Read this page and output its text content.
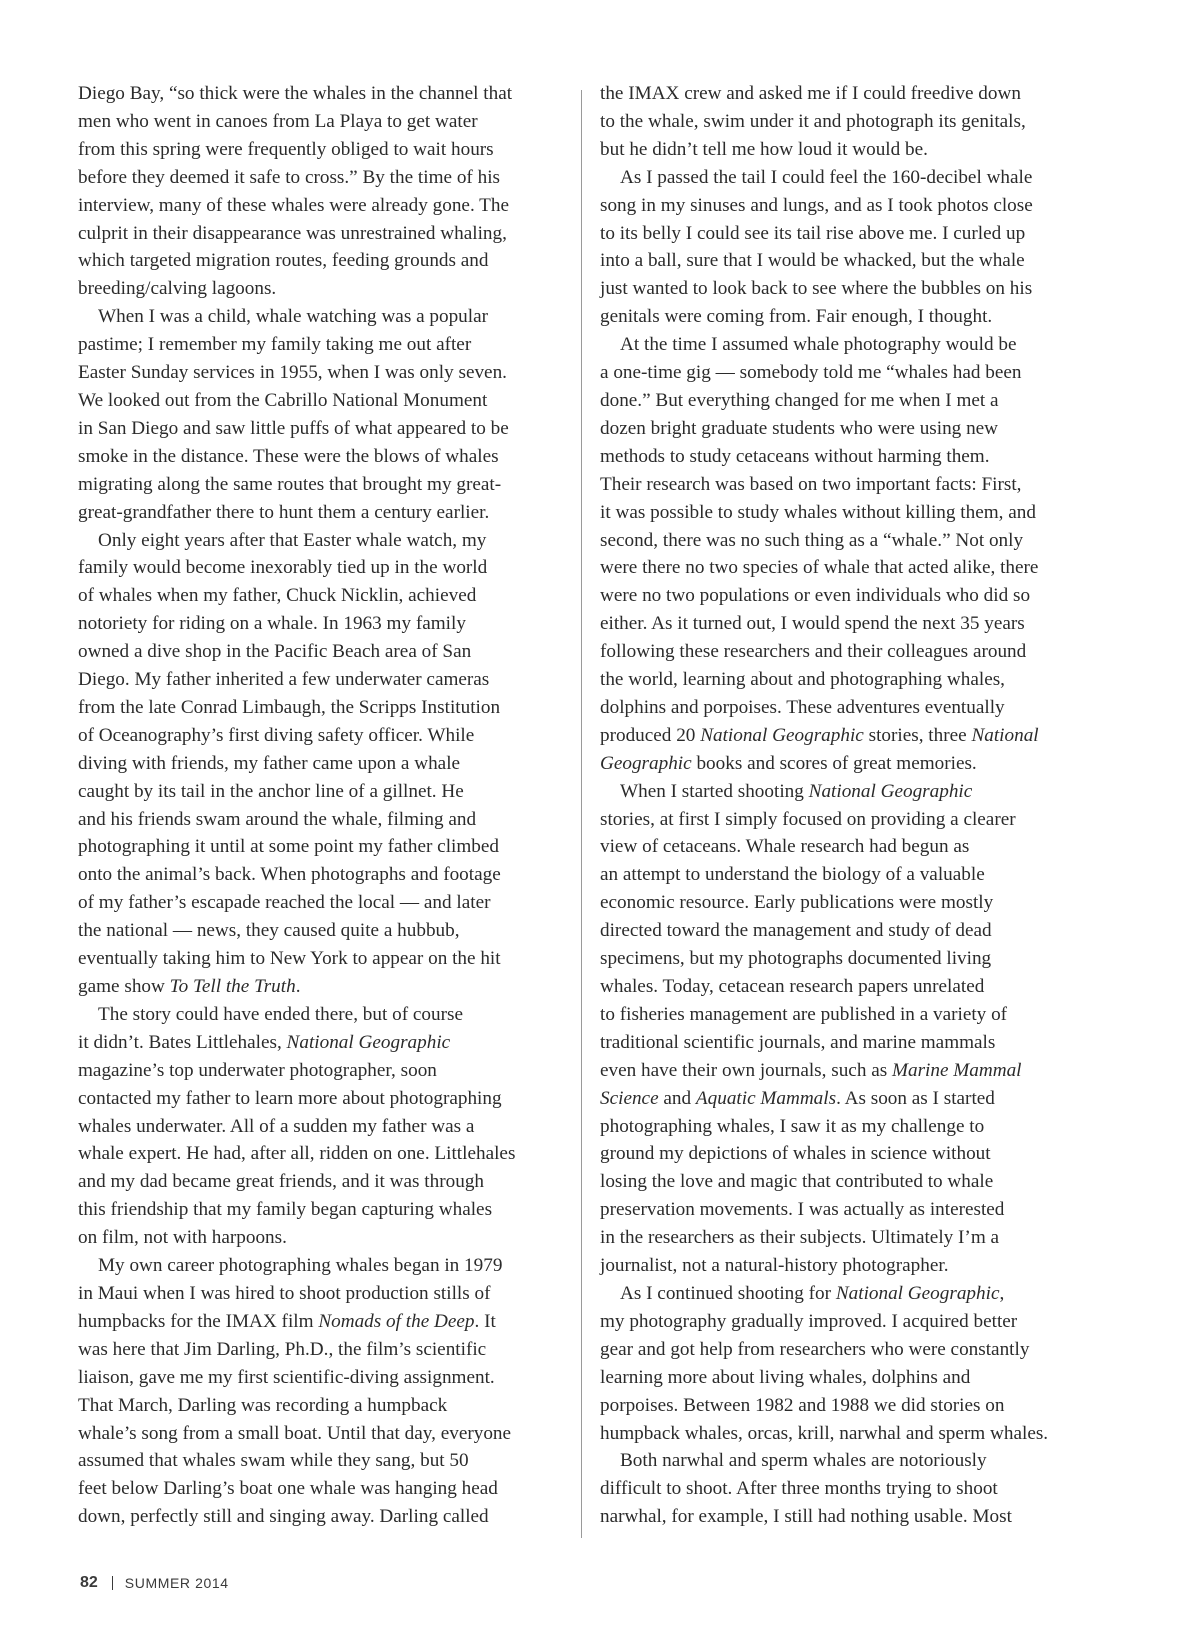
Diego Bay, “so thick were the whales in the channel that
men who went in canoes from La Playa to get water
from this spring were frequently obliged to wait hours
before they deemed it safe to cross.” By the time of his
interview, many of these whales were already gone. The
culprit in their disappearance was unrestrained whaling,
which targeted migration routes, feeding grounds and
breeding/calving lagoons.

When I was a child, whale watching was a popular
pastime; I remember my family taking me out after
Easter Sunday services in 1955, when I was only seven.
We looked out from the Cabrillo National Monument
in San Diego and saw little puffs of what appeared to be
smoke in the distance. These were the blows of whales
migrating along the same routes that brought my great-
great-grandfather there to hunt them a century earlier.

Only eight years after that Easter whale watch, my
family would become inexorably tied up in the world
of whales when my father, Chuck Nicklin, achieved
notoriety for riding on a whale. In 1963 my family
owned a dive shop in the Pacific Beach area of San
Diego. My father inherited a few underwater cameras
from the late Conrad Limbaugh, the Scripps Institution
of Oceanography’s first diving safety officer. While
diving with friends, my father came upon a whale
caught by its tail in the anchor line of a gillnet. He
and his friends swam around the whale, filming and
photographing it until at some point my father climbed
onto the animal’s back. When photographs and footage
of my father’s escapade reached the local — and later
the national — news, they caused quite a hubbub,
eventually taking him to New York to appear on the hit
game show To Tell the Truth.

The story could have ended there, but of course
it didn’t. Bates Littlehales, National Geographic
magazine’s top underwater photographer, soon
contacted my father to learn more about photographing
whales underwater. All of a sudden my father was a
whale expert. He had, after all, ridden on one. Littlehales
and my dad became great friends, and it was through
this friendship that my family began capturing whales
on film, not with harpoons.

My own career photographing whales began in 1979
in Maui when I was hired to shoot production stills of
humpbacks for the IMAX film Nomads of the Deep. It
was here that Jim Darling, Ph.D., the film’s scientific
liaison, gave me my first scientific-diving assignment.
That March, Darling was recording a humpback
whale’s song from a small boat. Until that day, everyone
assumed that whales swam while they sang, but 50
feet below Darling’s boat one whale was hanging head
down, perfectly still and singing away. Darling called

the IMAX crew and asked me if I could freedive down
to the whale, swim under it and photograph its genitals,
but he didn’t tell me how loud it would be.

As I passed the tail I could feel the 160-decibel whale
song in my sinuses and lungs, and as I took photos close
to its belly I could see its tail rise above me. I curled up
into a ball, sure that I would be whacked, but the whale
just wanted to look back to see where the bubbles on his
genitals were coming from. Fair enough, I thought.

At the time I assumed whale photography would be
a one-time gig — somebody told me “whales had been
done.” But everything changed for me when I met a
dozen bright graduate students who were using new
methods to study cetaceans without harming them.
Their research was based on two important facts: First,
it was possible to study whales without killing them, and
second, there was no such thing as a “whale.” Not only
were there no two species of whale that acted alike, there
were no two populations or even individuals who did so
either. As it turned out, I would spend the next 35 years
following these researchers and their colleagues around
the world, learning about and photographing whales,
dolphins and porpoises. These adventures eventually
produced 20 National Geographic stories, three National
Geographic books and scores of great memories.

When I started shooting National Geographic
stories, at first I simply focused on providing a clearer
view of cetaceans. Whale research had begun as
an attempt to understand the biology of a valuable
economic resource. Early publications were mostly
directed toward the management and study of dead
specimens, but my photographs documented living
whales. Today, cetacean research papers unrelated
to fisheries management are published in a variety of
traditional scientific journals, and marine mammals
even have their own journals, such as Marine Mammal
Science and Aquatic Mammals. As soon as I started
photographing whales, I saw it as my challenge to
ground my depictions of whales in science without
losing the love and magic that contributed to whale
preservation movements. I was actually as interested
in the researchers as their subjects. Ultimately I’m a
journalist, not a natural-history photographer.

As I continued shooting for National Geographic,
my photography gradually improved. I acquired better
gear and got help from researchers who were constantly
learning more about living whales, dolphins and
porpoises. Between 1982 and 1988 we did stories on
humpback whales, orcas, krill, narwhal and sperm whales.

Both narwhal and sperm whales are notoriously
difficult to shoot. After three months trying to shoot
narwhal, for example, I still had nothing usable. Most

82 SUMMER 2014
